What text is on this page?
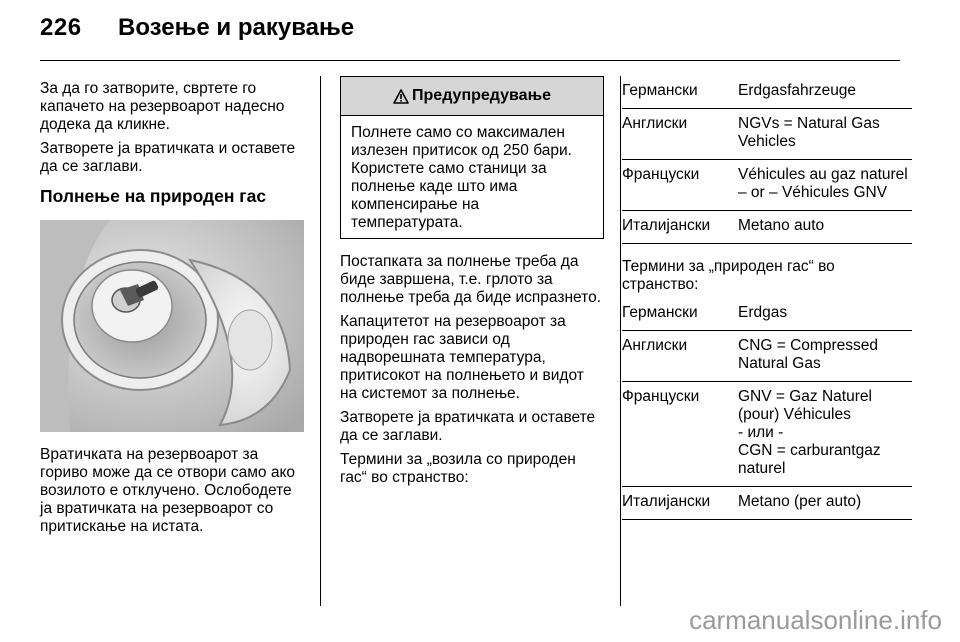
226 Возење и ракување

За да го затворите, свртете го капачето на резервоарот надесно додека да кликне.

Затворете ја вратичката и оставете да се заглави.

Полнење на природен гас

Вратичката на резервоарот за гориво може да се отвори само ако возилото е отклучено. Ослободете ја вратичката на резервоарот со притискање на истата.

Предупредување

Полнете само со максимален излезен притисок од 250 бари. Користете само станици за полнење каде што има компенсирање на температурата.

Постапката за полнење треба да биде завршена, т.е. грлото за полнење треба да биде испразнето.

Капацитетот на резервоарот за природен гас зависи од надворешната температура, притисокот на полнењето и видот на системот за полнење.

Затворете ја вратичката и оставете да се заглави.

Термини за „возила со природен гас“ во странство:

Германски	Erdgasfahrzeuge
Англиски	NGVs = Natural Gas Vehicles
Француски	Véhicules au gaz naturel – or – Véhicules GNV
Италијански	Metano auto

Термини за „природен гас“ во странство:

Германски	Erdgas
Англиски	CNG = Compressed Natural Gas
Француски	GNV = Gaz Naturel (pour) Véhicules
- или -
CGN = carburantgaz naturel
Италијански	Metano (per auto)
carmanualsonline.info
